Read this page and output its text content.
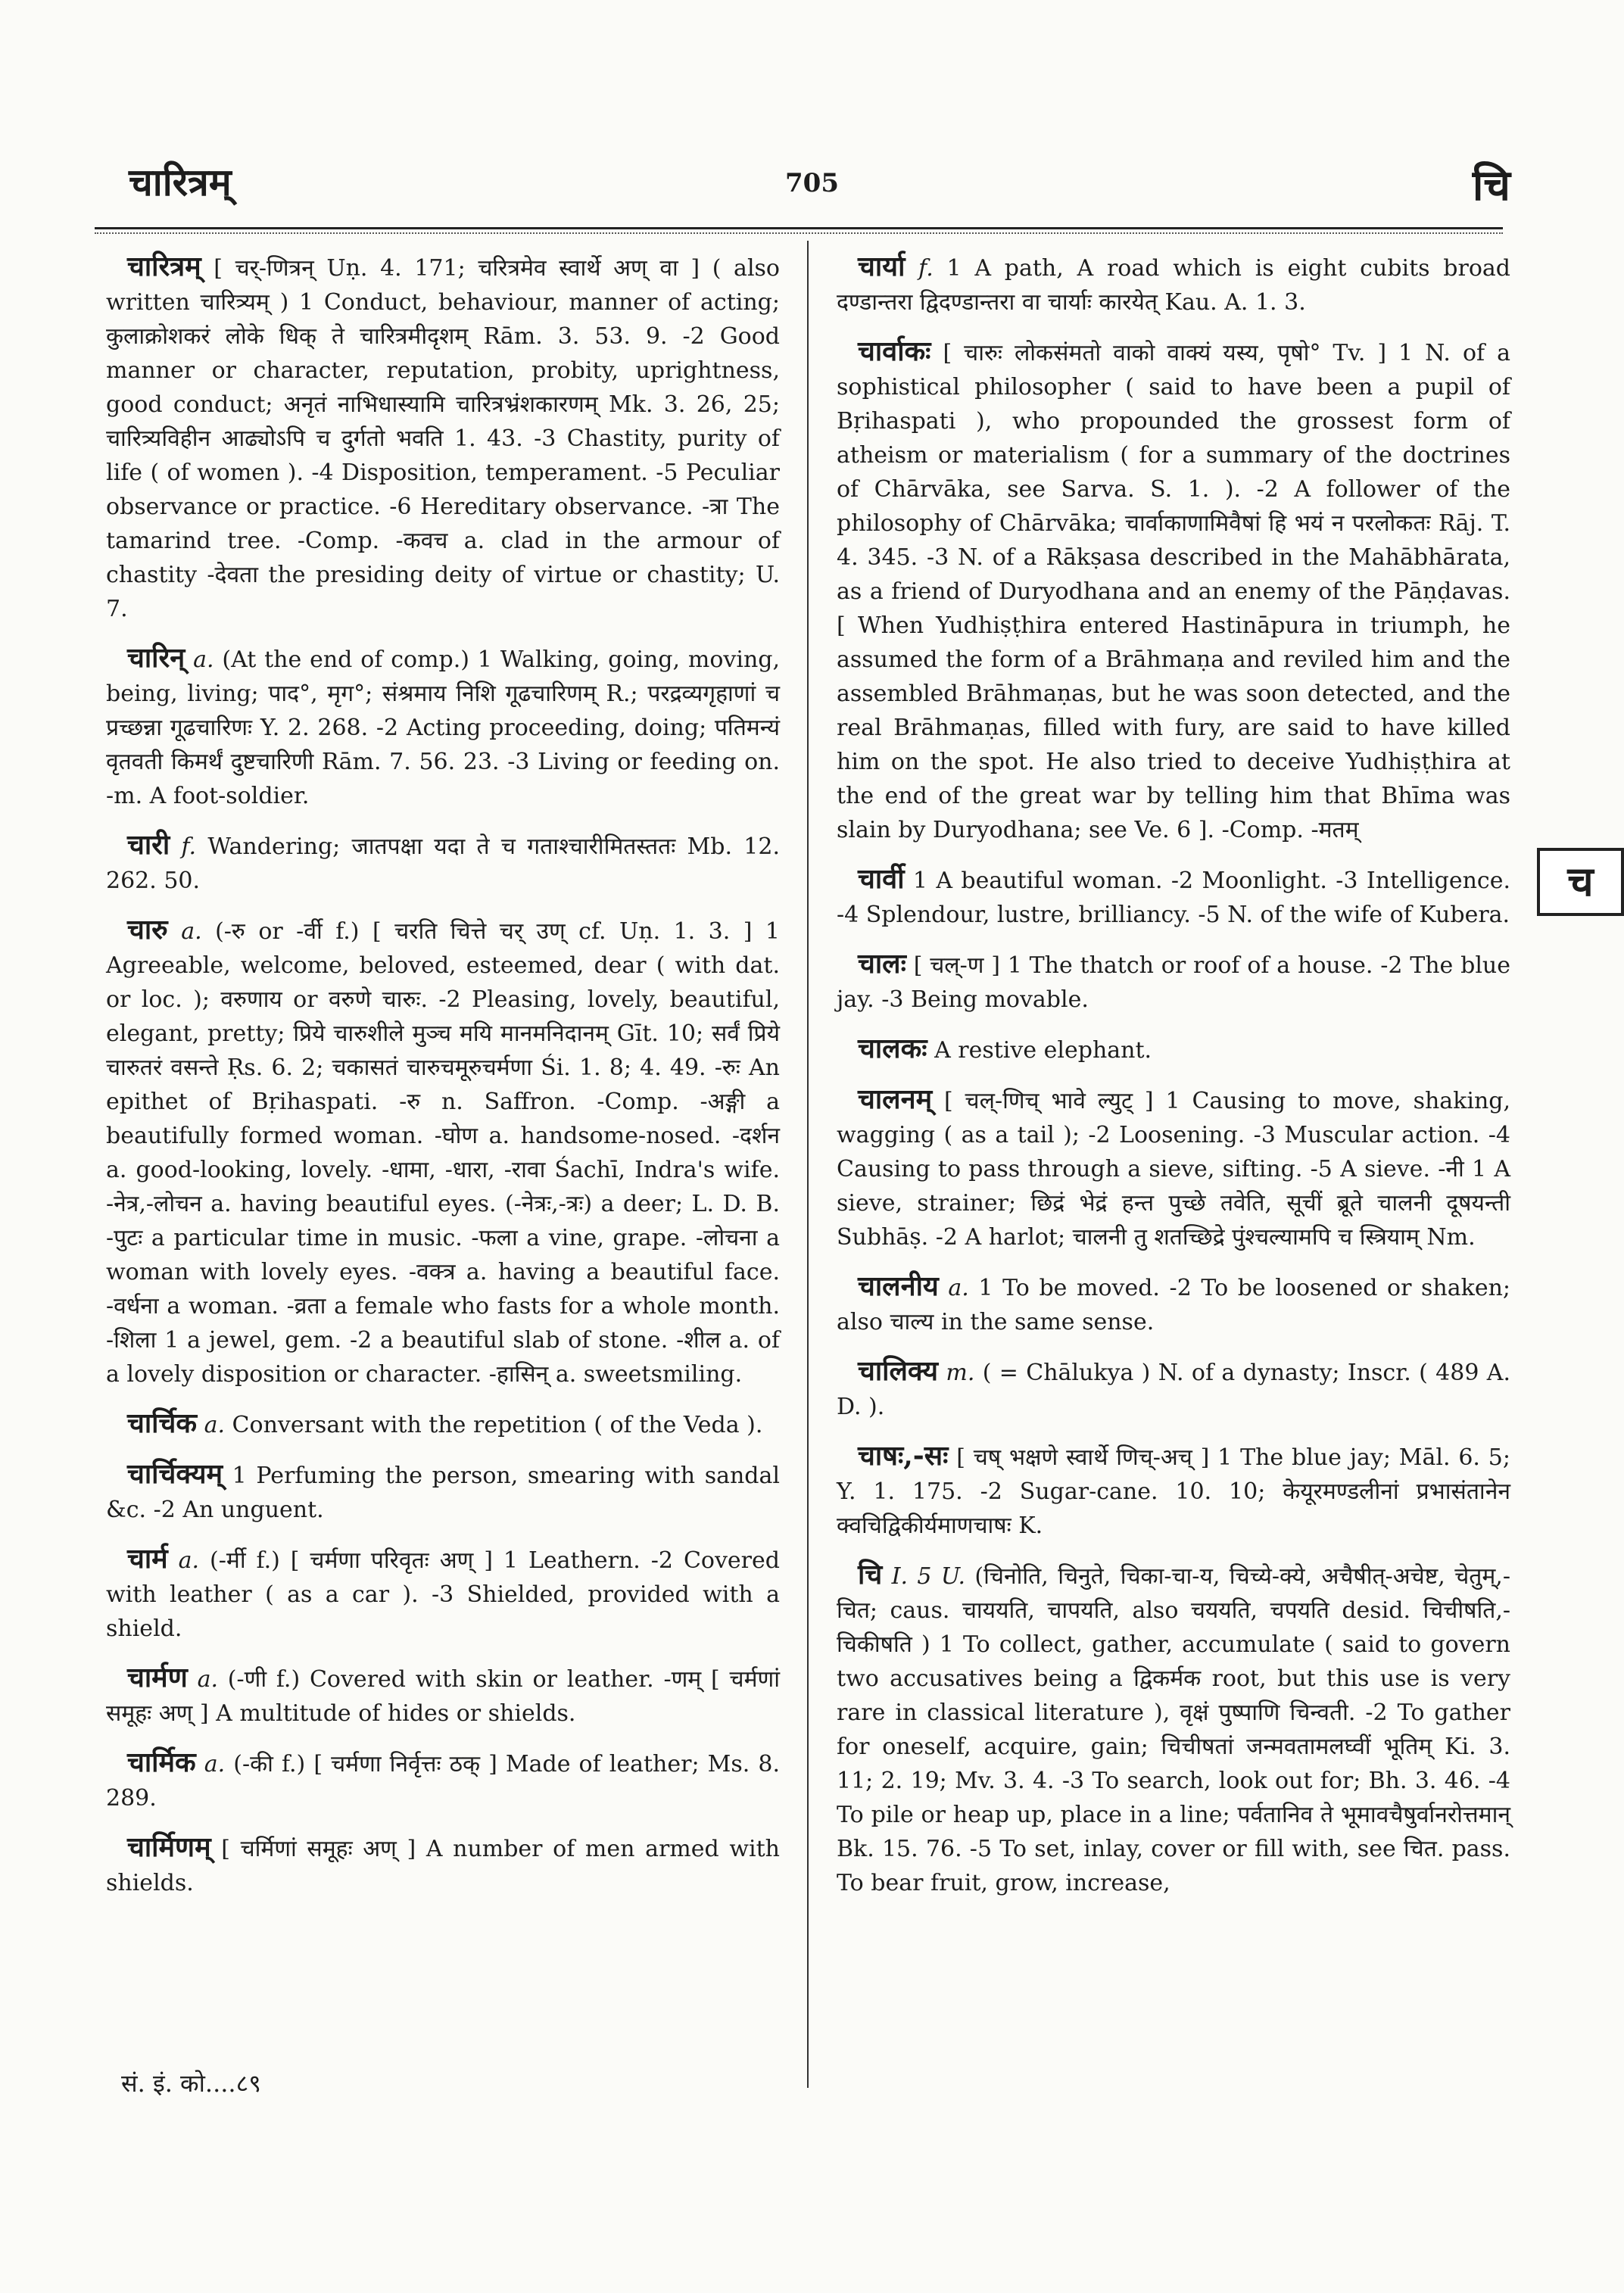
चारित्रम्	705	चि

चारित्रम् [ चर्-णित्रन् Uṇ. 4. 171; चरित्रमेव स्वार्थे अण् वा ] ( also written चारित्र्यम् ) 1 Conduct, behaviour, manner of acting; कुलाक्रोशकरं लोके धिक् ते चारित्रमीदृशम् Rām. 3. 53. 9. -2 Good manner or character, reputation, probity, uprightness, good conduct; अनृतं नाभिधास्यामि चारित्रभ्रंशकारणम् Mk. 3. 26, 25; चारित्र्यविहीन आढ्योऽपि च दुर्गतो भवति 1. 43. -3 Chastity, purity of life ( of women ). -4 Disposition, temperament. -5 Peculiar observance or practice. -6 Hereditary observance. -त्रा The tamarind tree. -Comp. -कवच a. clad in the armour of chastity -देवता the presiding deity of virtue or chastity; U. 7.

चारिन् a. (At the end of comp.) 1 Walking, going, moving, being, living; पाद°, मृग°; संश्रमाय निशि गूढचारिणम् R.; परद्रव्यगृहाणां च प्रच्छन्ना गूढचारिणः Y. 2. 268. -2 Acting proceeding, doing; पतिमन्यं वृतवती किमर्थं दुष्टचारिणी Rām. 7. 56. 23. -3 Living or feeding on. -m. A foot-soldier.

चारी f. Wandering; जातपक्षा यदा ते च गताश्चारीमितस्ततः Mb. 12. 262. 50.

चारु a. (-रु or -र्वी f.) [ चरति चित्ते चर् उण् cf. Uṇ. 1. 3. ] 1 Agreeable, welcome, beloved, esteemed, dear ( with dat. or loc. ); वरुणाय or वरुणे चारुः. -2 Pleasing, lovely, beautiful, elegant, pretty; प्रिये चारुशीले मुञ्च मयि मानमनिदानम् Gīt. 10; सर्वं प्रिये चारुतरं वसन्ते Ṛs. 6. 2; चकासतं चारुचमूरुचर्मणा Śi. 1. 8; 4. 49. -रुः An epithet of Bṛihaspati. -रु n. Saffron. -Comp. -अङ्गी a beautifully formed woman. -घोण a. handsome-nosed. -दर्शन a. good-looking, lovely. -धामा, -धारा, -रावा Śachī, Indra's wife. -नेत्र,-लोचन a. having beautiful eyes. (-नेत्रः,-त्रः) a deer; L. D. B. -पुटः a particular time in music. -फला a vine, grape. -लोचना a woman with lovely eyes. -वक्त्र a. having a beautiful face. -वर्धना a woman. -व्रता a female who fasts for a whole month. -शिला 1 a jewel, gem. -2 a beautiful slab of stone. -शील a. of a lovely disposition or character. -हासिन् a. sweetsmiling.

चार्चिक a. Conversant with the repetition ( of the Veda ).

चार्चिक्यम् 1 Perfuming the person, smearing with sandal &c. -2 An unguent.

चार्म a. (-र्मी f.) [ चर्मणा परिवृतः अण् ] 1 Leathern. -2 Covered with leather ( as a car ). -3 Shielded, provided with a shield.

चार्मण a. (-णी f.) Covered with skin or leather. -णम् [ चर्मणां समूहः अण् ] A multitude of hides or shields.

चार्मिक a. (-की f.) [ चर्मणा निर्वृत्तः ठक् ] Made of leather; Ms. 8. 289.

चार्मिणम् [ चर्मिणां समूहः अण् ] A number of men armed with shields.

चार्या f. 1 A path, A road which is eight cubits broad दण्डान्तरा द्विदण्डान्तरा वा चार्याः कारयेत् Kau. A. 1. 3.

चार्वाकः [ चारुः लोकसंमतो वाको वाक्यं यस्य, पृषो° Tv. ] 1 N. of a sophistical philosopher ( said to have been a pupil of Bṛihaspati ), who propounded the grossest form of atheism or materialism ( for a summary of the doctrines of Chārvāka, see Sarva. S. 1. ). -2 A follower of the philosophy of Chārvāka; चार्वाकाणामिवैषां हि भयं न परलोकतः Rāj. T. 4. 345. -3 N. of a Rākṣasa described in the Mahābhārata, as a friend of Duryodhana and an enemy of the Pāṇḍavas. [ When Yudhiṣṭhira entered Hastināpura in triumph, he assumed the form of a Brāhmaṇa and reviled him and the assembled Brāhmaṇas, but he was soon detected, and the real Brāhmaṇas, filled with fury, are said to have killed him on the spot. He also tried to deceive Yudhiṣṭhira at the end of the great war by telling him that Bhīma was slain by Duryodhana; see Ve. 6 ]. -Comp. -मतम्

चार्वी 1 A beautiful woman. -2 Moonlight. -3 Intelligence. -4 Splendour, lustre, brilliancy. -5 N. of the wife of Kubera.

चालः [ चल्-ण ] 1 The thatch or roof of a house. -2 The blue jay. -3 Being movable.

चालकः A restive elephant.

चालनम् [ चल्-णिच् भावे ल्युट् ] 1 Causing to move, shaking, wagging ( as a tail ); -2 Loosening. -3 Muscular action. -4 Causing to pass through a sieve, sifting. -5 A sieve. -नी 1 A sieve, strainer; छिद्रं भेद्रं हन्त पुच्छे तवेति, सूचीं ब्रूते चालनी दूषयन्ती Subhāṣ. -2 A harlot; चालनी तु शतच्छिद्रे पुंश्चल्यामपि च स्त्रियाम् Nm.

चालनीय a. 1 To be moved. -2 To be loosened or shaken; also चाल्य in the same sense.

चालिक्य m. ( = Chālukya ) N. of a dynasty; Inscr. ( 489 A. D. ).

चाषः,-सः [ चष् भक्षणे स्वार्थे णिच्-अच् ] 1 The blue jay; Māl. 6. 5; Y. 1. 175. -2 Sugar-cane. 10. 10; केयूरमण्डलीनां प्रभासंतानेन क्वचिद्विकीर्यमाणचाषः K.

चि I. 5 U. (चिनोति, चिनुते, चिका-चा-य, चिच्ये-क्ये, अचैषीत्-अचेष्ट, चेतुम्,-चित; caus. चाययति, चापयति, also चययति, चपयति desid. चिचीषति,-चिकीषति ) 1 To collect, gather, accumulate ( said to govern two accusatives being a द्विकर्मक root, but this use is very rare in classical literature ), वृक्षं पुष्पाणि चिन्वती. -2 To gather for oneself, acquire, gain; चिचीषतां जन्मवतामलघ्वीं भूतिम् Ki. 3. 11; 2. 19; Mv. 3. 4. -3 To search, look out for; Bh. 3. 46. -4 To pile or heap up, place in a line; पर्वतानिव ते भूमावचैषुर्वानरोत्तमान् Bk. 15. 76. -5 To set, inlay, cover or fill with, see चित. pass. To bear fruit, grow, increase,

च
सं. इं. को....८९
